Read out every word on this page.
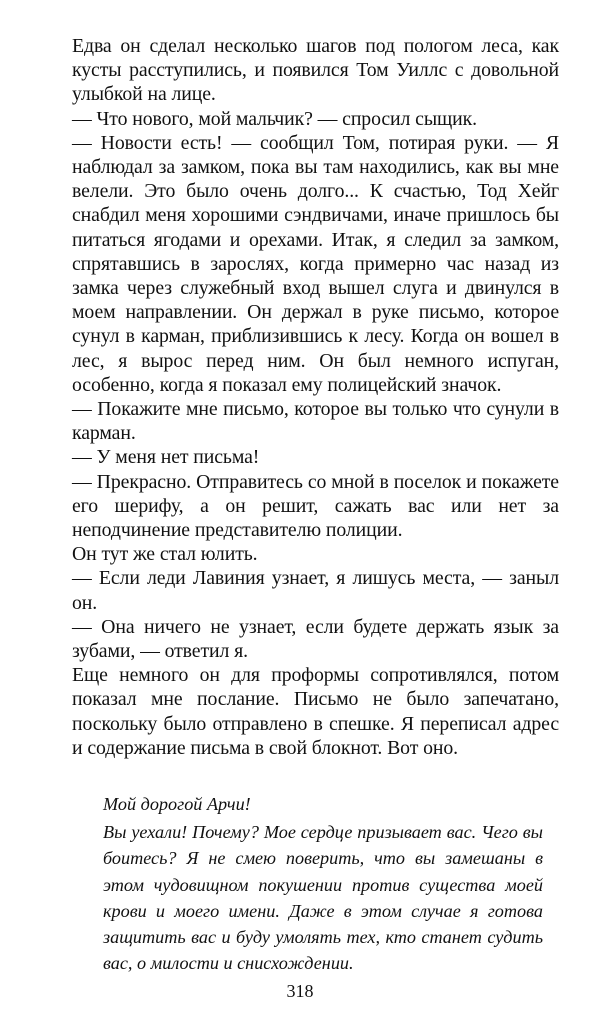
Едва он сделал несколько шагов под пологом леса, как кусты расступились, и появился Том Уиллс с довольной улыбкой на лице.

— Что нового, мой мальчик? — спросил сыщик.

— Новости есть! — сообщил Том, потирая руки. — Я наблюдал за замком, пока вы там находились, как вы мне велели. Это было очень долго... К счастью, Тод Хейг снабдил меня хорошими сэндвичами, иначе пришлось бы питаться ягодами и орехами. Итак, я следил за замком, спрятавшись в зарослях, когда примерно час назад из замка через служебный вход вышел слуга и двинулся в моем направлении. Он держал в руке письмо, которое сунул в карман, приблизившись к лесу. Когда он вошел в лес, я вырос перед ним. Он был немного испуган, особенно, когда я показал ему полицейский значок.

— Покажите мне письмо, которое вы только что сунули в карман.

— У меня нет письма!

— Прекрасно. Отправитесь со мной в поселок и покажете его шерифу, а он решит, сажать вас или нет за неподчинение представителю полиции.

Он тут же стал юлить.

— Если леди Лавиния узнает, я лишусь места, — заныл он.

— Она ничего не узнает, если будете держать язык за зубами, — ответил я.

Еще немного он для проформы сопротивлялся, потом показал мне послание. Письмо не было запечатано, поскольку было отправлено в спешке. Я переписал адрес и содержание письма в свой блокнот. Вот оно.

Мой дорогой Арчи!

Вы уехали! Почему? Мое сердце призывает вас. Чего вы боитесь? Я не смею поверить, что вы замешаны в этом чудовищном покушении против существа моей крови и моего имени. Даже в этом случае я готова защитить вас и буду умолять тех, кто станет судить вас, о милости и снисхождении.

318
